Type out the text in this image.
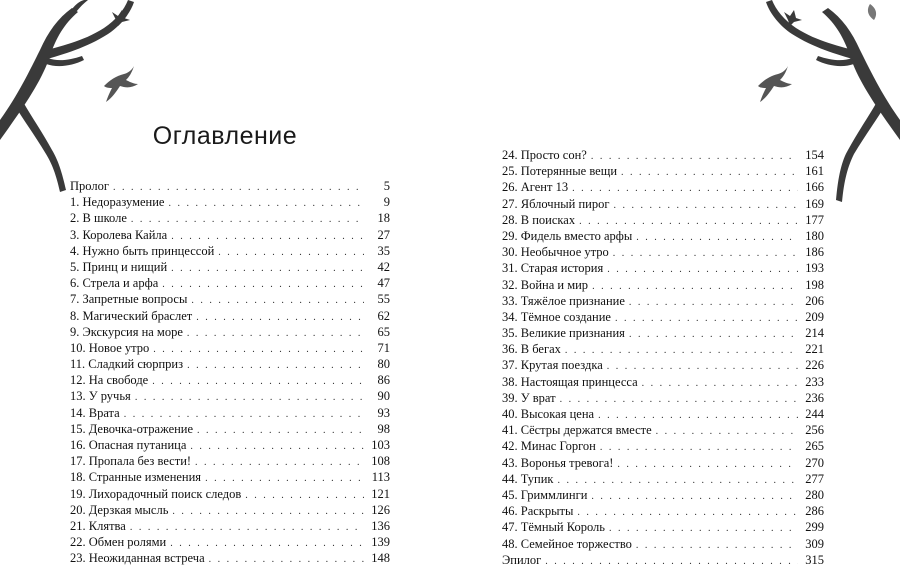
Оглавление
Пролог . . .	5
1. Недоразумение . . .	9
2. В школе . . .	18
3. Королева Кайла . . .	27
4. Нужно быть принцессой . . .	35
5. Принц и нищий . . .	42
6. Стрела и арфа . . .	47
7. Запретные вопросы . . .	55
8. Магический браслет . . .	62
9. Экскурсия на море . . .	65
10. Новое утро . . .	71
11. Сладкий сюрприз . . .	80
12. На свободе . . .	86
13. У ручья . . .	90
14. Врата . . .	93
15. Девочка-отражение . . .	98
16. Опасная путаница . . .	103
17. Пропала без вести! . . .	108
18. Странные изменения . . .	113
19. Лихорадочный поиск следов . . .	121
20. Дерзкая мысль . . .	126
21. Клятва . . .	136
22. Обмен ролями . . .	139
23. Неожиданная встреча . . .	148
24. Просто сон? . . .	154
25. Потерянные вещи . . .	161
26. Агент 13 . . .	166
27. Яблочный пирог . . .	169
28. В поисках . . .	177
29. Фидель вместо арфы . . .	180
30. Необычное утро . . .	186
31. Старая история . . .	193
32. Война и мир . . .	198
33. Тяжёлое признание . . .	206
34. Тёмное создание . . .	209
35. Великие признания . . .	214
36. В бегах . . .	221
37. Крутая поездка . . .	226
38. Настоящая принцесса . . .	233
39. У врат . . .	236
40. Высокая цена . . .	244
41. Сёстры держатся вместе . . .	256
42. Минас Горгон . . .	265
43. Воронья тревога! . . .	270
44. Тупик . . .	277
45. Гриммлинги . . .	280
46. Раскрыты . . .	286
47. Тёмный Король . . .	299
48. Семейное торжество . . .	309
Эпилог . . .	315
